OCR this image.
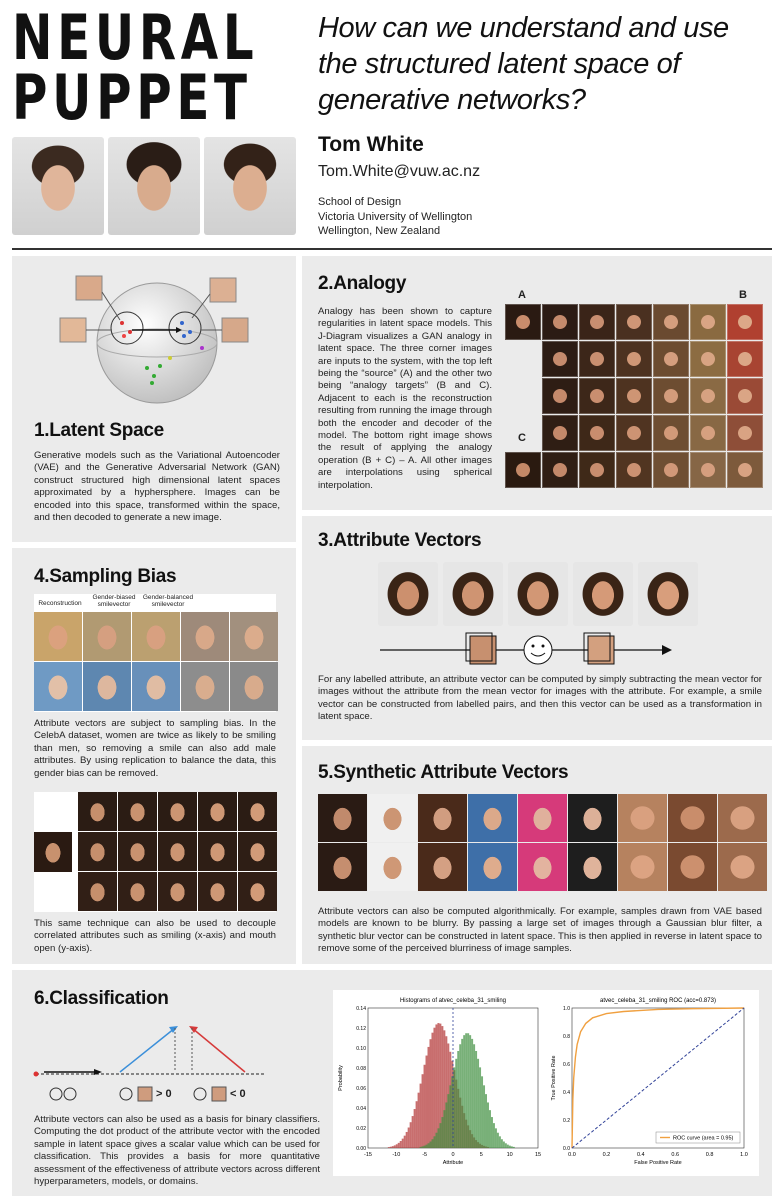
NEURAL
PUPPET
How can we understand and use the structured latent space of generative networks?
Tom White
Tom.White@vuw.ac.nz
School of Design
Victoria University of Wellington
Wellington, New Zealand
1.Latent Space
Generative models such as the Variational Autoencoder (VAE) and the Generative Adversarial Network (GAN) construct structured high dimensional latent spaces approximated by a hyphersphere. Images can be encoded into this space, transformed within the space, and then decoded to generate a new image.
2.Analogy
Analogy has been shown to capture regularities in latent space models. This J-Diagram visualizes a GAN analogy in latent space. The three corner images are inputs to the system, with the top left being the “source” (A) and the other two being “analogy targets” (B and C). Adjacent to each is the reconstruction resulting from running the image through both the encoder and decoder of the model. The bottom right image shows the result of applying the analogy operation (B + C) – A. All other images are interpolations using spherical interpolation.
A	B
C
3.Attribute Vectors
For any labelled attribute, an attribute vector can be computed by simply subtracting the mean vector for images without the attribute from the mean vector for images with the attribute. For example, a smile vector can be constructed from labelled pairs, and then this vector can be used as a transformation in latent space.
4.Sampling Bias
Reconstruction
Gender-biased smilevector
Gender-balanced smilevector
Attribute vectors are subject to sampling bias. In the CelebA dataset, women are twice as likely to be smiling than men, so removing a smile can also add male attributes. By using replication to balance the data, this gender bias can be removed.
This same technique can also be used to decouple correlated attributes such as smiling (x-axis) and mouth open (y-axis).
5.Synthetic Attribute Vectors
Attribute vectors can also be computed algorithmically. For example, samples drawn from VAE based models are known to be blurry. By passing a large set of images through a Gaussian blur filter, a synthetic blur vector can be constructed in latent space. This is then applied in reverse in latent space to remove some of the perceived blurriness of image samples.
6.Classification
> 0	< 0
Attribute vectors can also be used as a basis for binary classifiers. Computing the dot product of the attribute vector with the encoded sample in latent space gives a scalar value which can be used for classification. This provides a basis for more quantitative assessment of the effectiveness of attribute vectors across different hyperparameters, models, or domains.
Histograms of atvec_celeba_31_smiling
-15	-10	-5	0	5	10	15
0.00
0.02
0.04
0.06
0.08
0.10
0.12
0.14
Attribute
Probability
atvec_celeba_31_smiling ROC (acc=0.873)
0.0	0.2	0.4	0.6	0.8	1.0
0.0
0.2
0.4
0.6
0.8
1.0
False Positive Rate
True Positive Rate
ROC curve (area = 0.95)
